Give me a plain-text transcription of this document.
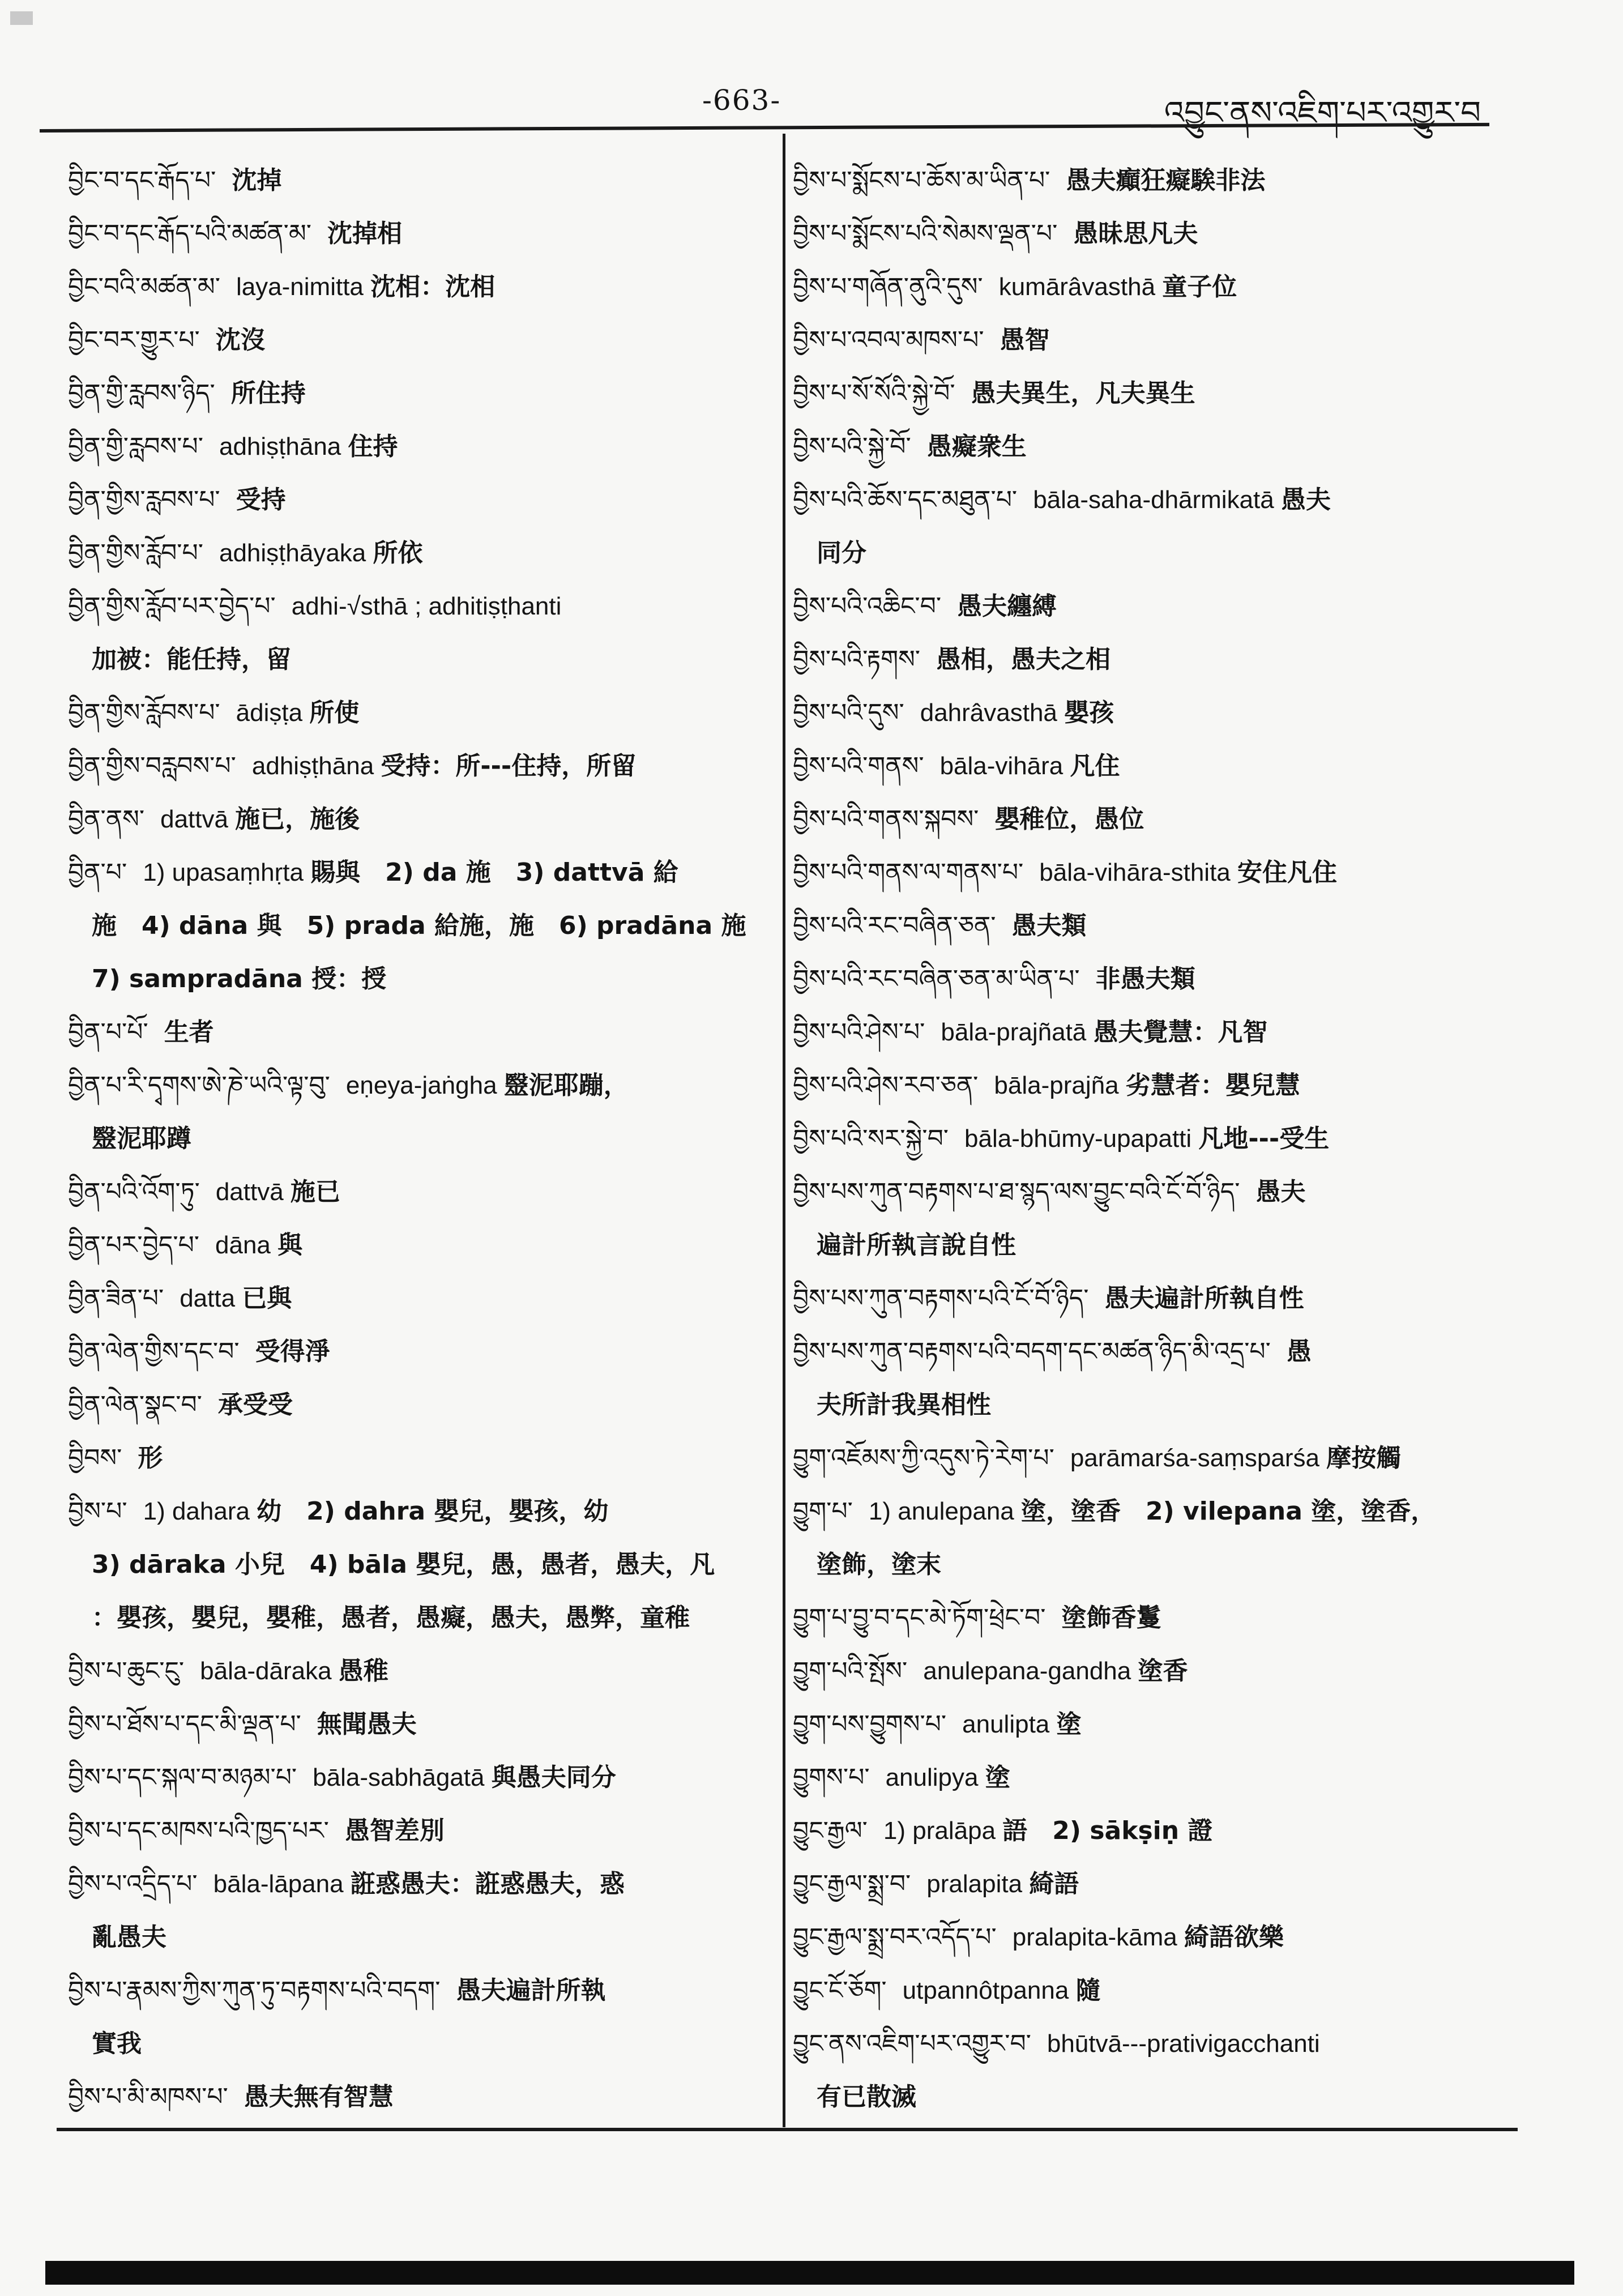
-663-	འབྱུང་ནས་འཇིག་པར་འགྱུར་བ
བྱིང་བ་དང་རྒོད་པ་ 沈掉
བྱིང་བ་དང་རྒོད་པའི་མཚན་མ་ 沈掉相
བྱིང་བའི་མཚན་མ་ laya-nimitta 沈相：沈相
བྱིང་བར་གྱུར་པ་ 沈沒
བྱིན་གྱི་རླབས་ཉིད་ 所住持
བྱིན་གྱི་རླབས་པ་ adhiṣṭhāna 住持
བྱིན་གྱིས་རླབས་པ་ 受持
བྱིན་གྱིས་རློབ་པ་ adhiṣṭhāyaka 所依
བྱིན་གྱིས་རློབ་པར་བྱེད་པ་ adhi-√sthā ; adhitiṣṭhanti
加被：能任持，留
བྱིན་གྱིས་རློབས་པ་ ādiṣṭa 所使
བྱིན་གྱིས་བརླབས་པ་ adhiṣṭhāna 受持：所---住持，所留
བྱིན་ནས་ dattvā 施已，施後
བྱིན་པ་ 1) upasaṃhṛta 賜與　2) da 施　3) dattvā 給
施　4) dāna 與　5) prada 給施，施　6) pradāna 施
7) sampradāna 授：授
བྱིན་པ་པོ་ 生者
བྱིན་པ་རི་དྭགས་ཨེ་ཎེ་ཡའི་ལྟ་བུ་ eṇeya-jaṅgha 毉泥耶蹦，
毉泥耶蹲
བྱིན་པའི་འོག་ཏུ་ dattvā 施已
བྱིན་པར་བྱེད་པ་ dāna 與
བྱིན་ཟིན་པ་ datta 已與
བྱིན་ལེན་གྱིས་དང་བ་ 受得淨
བྱིན་ལེན་སྣང་བ་ 承受受
བྱིབས་ 形
བྱིས་པ་ 1) dahara 幼　2) dahra 嬰兒，嬰孩，幼
3) dāraka 小兒　4) bāla 嬰兒，愚，愚者，愚夫，凡
：嬰孩，嬰兒，嬰稚，愚者，愚癡，愚夫，愚弊，童稚
བྱིས་པ་ཆུང་ངུ་ bāla-dāraka 愚稚
བྱིས་པ་ཐོས་པ་དང་མི་ལྡན་པ་ 無聞愚夫
བྱིས་པ་དང་སྐལ་བ་མཉམ་པ་ bāla-sabhāgatā 與愚夫同分
བྱིས་པ་དང་མཁས་པའི་ཁྱད་པར་ 愚智差別
བྱིས་པ་འདྲིད་པ་ bāla-lāpana 誑惑愚夫：誑惑愚夫，惑
亂愚夫
བྱིས་པ་རྣམས་ཀྱིས་ཀུན་ཏུ་བརྟགས་པའི་བདག་ 愚夫遍計所執
實我
བྱིས་པ་མི་མཁས་པ་ 愚夫無有智慧
བྱིས་པ་སྨོངས་པ་ཆོས་མ་ཡིན་པ་ 愚夫癲狂癡騃非法
བྱིས་པ་སྨོངས་པའི་སེམས་ལྡན་པ་ 愚昧思凡夫
བྱིས་པ་གཞོན་ནུའི་དུས་ kumārâvasthā 童子位
བྱིས་པ་འབལ་མཁས་པ་ 愚智
བྱིས་པ་སོ་སོའི་སྐྱེ་བོ་ 愚夫異生，凡夫異生
བྱིས་པའི་སྐྱེ་བོ་ 愚癡衆生
བྱིས་པའི་ཆོས་དང་མཐུན་པ་ bāla-saha-dhārmikatā 愚夫
同分
བྱིས་པའི་འཆིང་བ་ 愚夫纏縛
བྱིས་པའི་རྟགས་ 愚相，愚夫之相
བྱིས་པའི་དུས་ dahrâvasthā 嬰孩
བྱིས་པའི་གནས་ bāla-vihāra 凡住
བྱིས་པའི་གནས་སྐབས་ 嬰稚位，愚位
བྱིས་པའི་གནས་ལ་གནས་པ་ bāla-vihāra-sthita 安住凡住
བྱིས་པའི་རང་བཞིན་ཅན་ 愚夫類
བྱིས་པའི་རང་བཞིན་ཅན་མ་ཡིན་པ་ 非愚夫類
བྱིས་པའི་ཤེས་པ་ bāla-prajñatā 愚夫覺慧：凡智
བྱིས་པའི་ཤེས་རབ་ཅན་ bāla-prajña 劣慧者：嬰兒慧
བྱིས་པའི་སར་སྐྱེ་བ་ bāla-bhūmy-upapatti 凡地---受生
བྱིས་པས་ཀུན་བརྟགས་པ་ཐ་སྙད་ལས་བྱུང་བའི་ངོ་བོ་ཉིད་ 愚夫
遍計所執言說自性
བྱིས་པས་ཀུན་བརྟགས་པའི་ངོ་བོ་ཉིད་ 愚夫遍計所執自性
བྱིས་པས་ཀུན་བརྟགས་པའི་བདག་དང་མཚན་ཉིད་མི་འདྲ་པ་ 愚
夫所計我異相性
བྱུག་འཇོམས་ཀྱི་འདུས་ཏེ་རེག་པ་ parāmarśa-saṃsparśa 摩按觸
བྱུག་པ་ 1) anulepana 塗，塗香　2) vilepana 塗，塗香，
塗飾，塗末
བྱུག་པ་བྱུ་བ་དང་མེ་ཏོག་ཕྲེང་བ་ 塗飾香鬘
བྱུག་པའི་སྤོས་ anulepana-gandha 塗香
བྱུག་པས་བྱུགས་པ་ anulipta 塗
བྱུགས་པ་ anulipya 塗
བྱུང་རྒྱལ་ 1) pralāpa 語　2) sākṣiṇ 證
བྱུང་རྒྱལ་སྨྲ་བ་ pralapita 綺語
བྱུང་རྒྱལ་སྨྲ་བར་འདོད་པ་ pralapita-kāma 綺語欲樂
བྱུང་ངོ་ཅོག་ utpannôtpanna 隨
བྱུང་ནས་འཇིག་པར་འགྱུར་བ་ bhūtvā---prativigacchanti
有已散滅
